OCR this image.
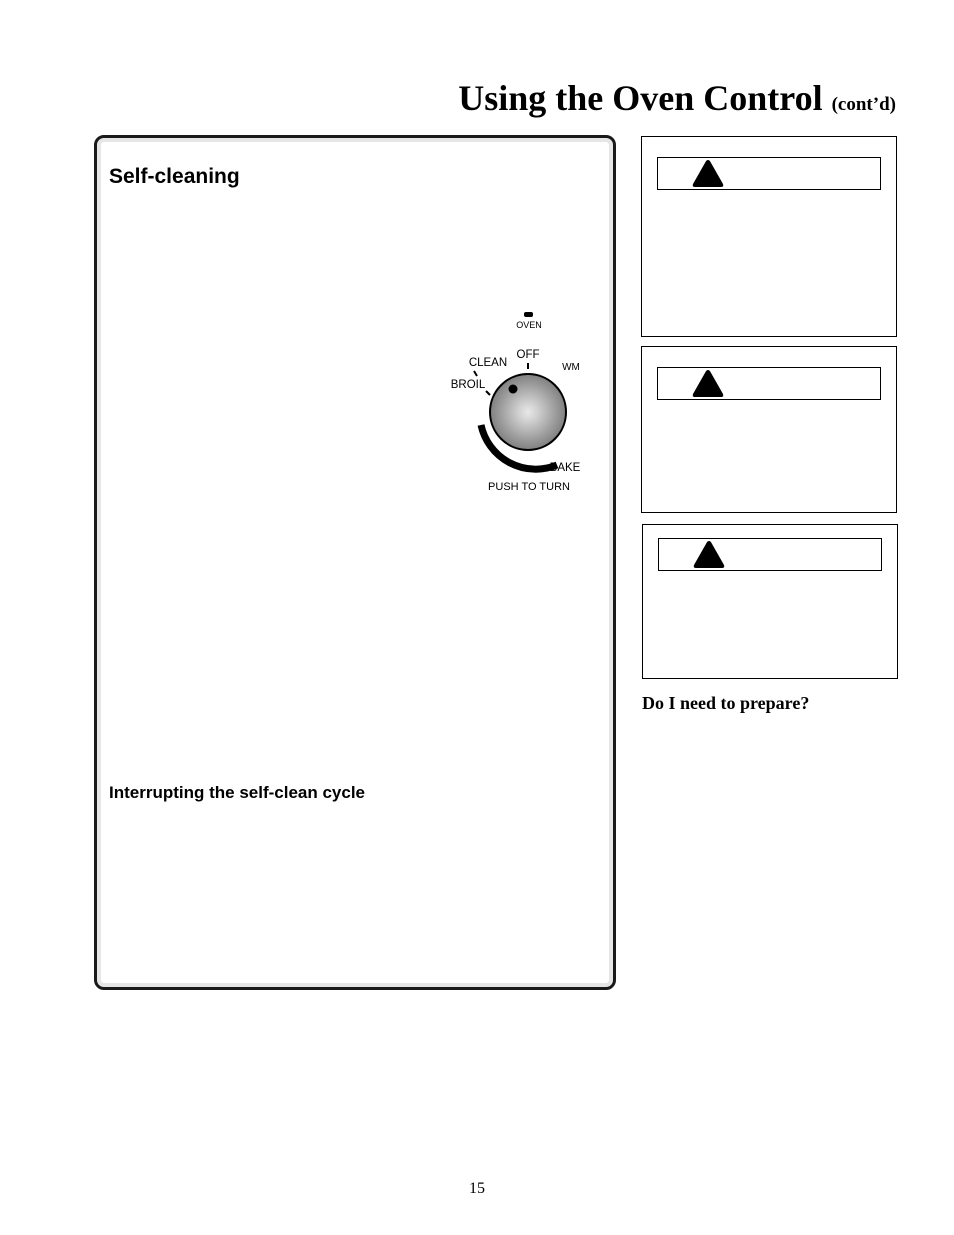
Using the Oven Control (cont’d)
Self-cleaning
OVEN
CLEAN
OFF
WM
BROIL
BAKE
PUSH TO TURN
Interrupting the self-clean cycle
Do I need to prepare?
15
